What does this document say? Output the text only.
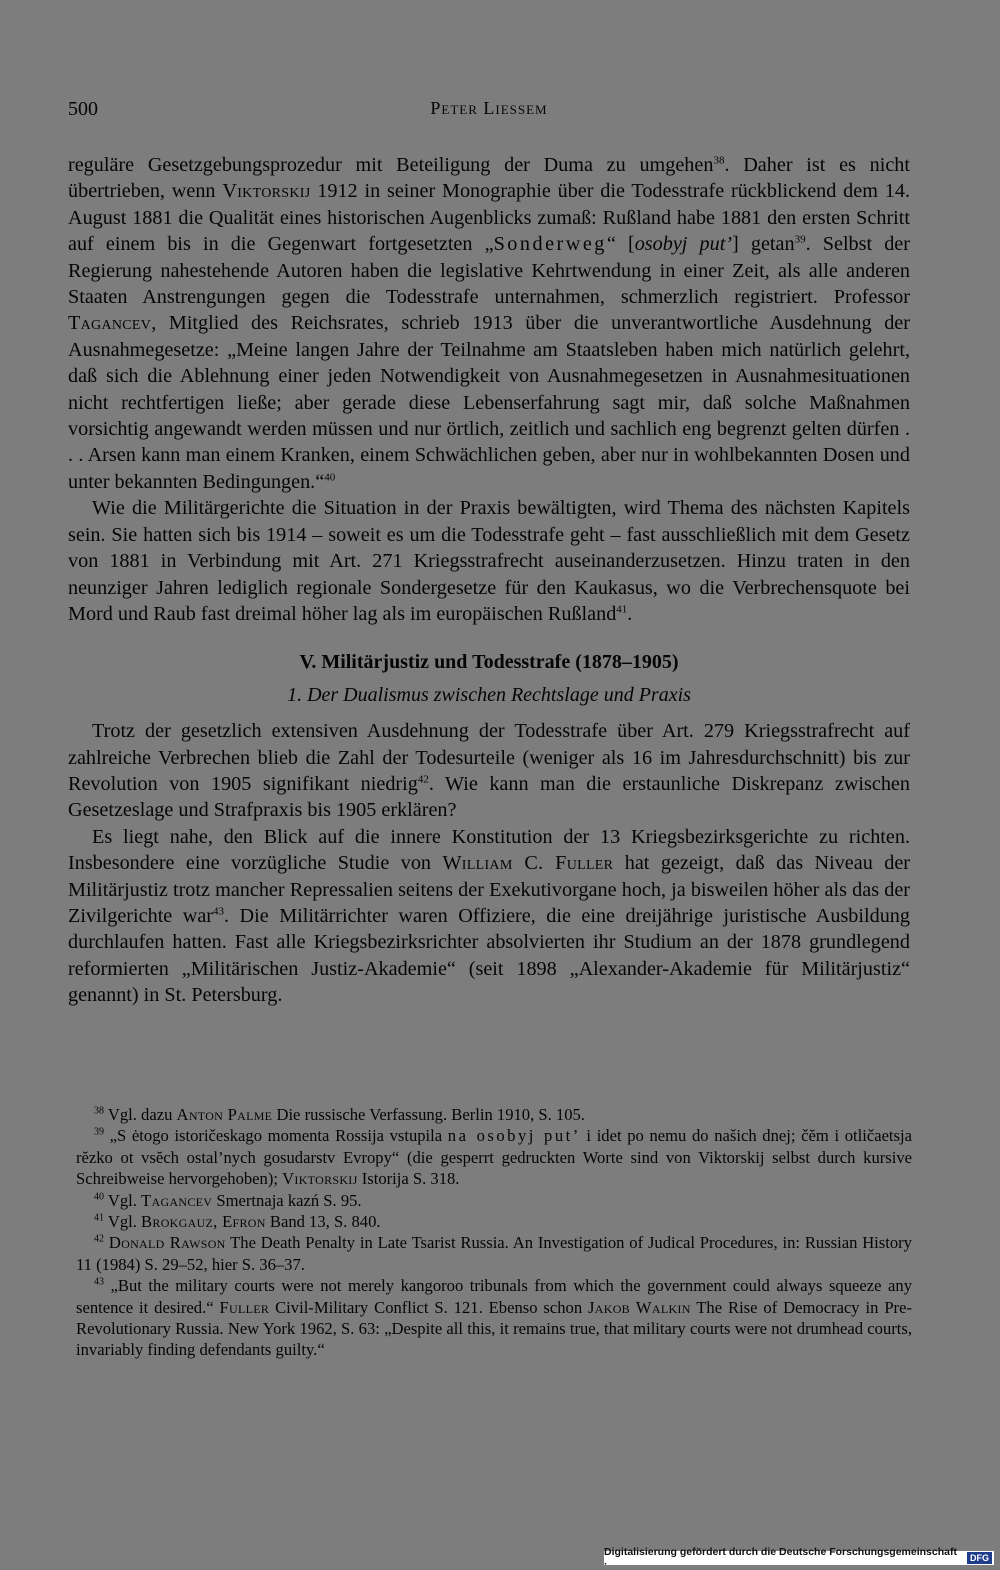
500	Peter Liessem

reguläre Gesetzgebungsprozedur mit Beteiligung der Duma zu umgehen$^{38}$. Daher ist es nicht übertrieben, wenn Viktorskij 1912 in seiner Monographie über die Todesstrafe rückblickend dem 14. August 1881 die Qualität eines historischen Augenblicks zumaß: Rußland habe 1881 den ersten Schritt auf einem bis in die Gegenwart fortgesetzten „Sonderweg“ [osobyj put’] getan$^{39}$. Selbst der Regierung nahestehende Autoren haben die legislative Kehrtwendung in einer Zeit, als alle anderen Staaten Anstrengungen gegen die Todesstrafe unternahmen, schmerzlich registriert. Professor Tagancev, Mitglied des Reichsrates, schrieb 1913 über die unverantwortliche Ausdehnung der Ausnahmegesetze: „Meine langen Jahre der Teilnahme am Staatsleben haben mich natürlich gelehrt, daß sich die Ablehnung einer jeden Notwendigkeit von Ausnahmegesetzen in Ausnahmesituationen nicht rechtfertigen ließe; aber gerade diese Lebenserfahrung sagt mir, daß solche Maßnahmen vorsichtig angewandt werden müssen und nur örtlich, zeitlich und sachlich eng begrenzt gelten dürfen . . . Arsen kann man einem Kranken, einem Schwächlichen geben, aber nur in wohlbekannten Dosen und unter bekannten Bedingungen.“$^{40}$

Wie die Militärgerichte die Situation in der Praxis bewältigten, wird Thema des nächsten Kapitels sein. Sie hatten sich bis 1914 – soweit es um die Todesstrafe geht – fast ausschließlich mit dem Gesetz von 1881 in Verbindung mit Art. 271 Kriegsstrafrecht auseinanderzusetzen. Hinzu traten in den neunziger Jahren lediglich regionale Sondergesetze für den Kaukasus, wo die Verbrechensquote bei Mord und Raub fast dreimal höher lag als im europäischen Rußland$^{41}$.

V. Militärjustiz und Todesstrafe (1878–1905)

1. Der Dualismus zwischen Rechtslage und Praxis

Trotz der gesetzlich extensiven Ausdehnung der Todesstrafe über Art. 279 Kriegsstrafrecht auf zahlreiche Verbrechen blieb die Zahl der Todesurteile (weniger als 16 im Jahresdurchschnitt) bis zur Revolution von 1905 signifikant niedrig$^{42}$. Wie kann man die erstaunliche Diskrepanz zwischen Gesetzeslage und Strafpraxis bis 1905 erklären?

Es liegt nahe, den Blick auf die innere Konstitution der 13 Kriegsbezirksgerichte zu richten. Insbesondere eine vorzügliche Studie von William C. Fuller hat gezeigt, daß das Niveau der Militärjustiz trotz mancher Repressalien seitens der Exekutivorgane hoch, ja bisweilen höher als das der Zivilgerichte war$^{43}$. Die Militärrichter waren Offiziere, die eine dreijährige juristische Ausbildung durchlaufen hatten. Fast alle Kriegsbezirksrichter absolvierten ihr Studium an der 1878 grundlegend reformierten „Militärischen Justiz-Akademie“ (seit 1898 „Alexander-Akademie für Militärjustiz“ genannt) in St. Petersburg.

$^{38}$ Vgl. dazu Anton Palme Die russische Verfassung. Berlin 1910, S. 105.

$^{39}$ „S ėtogo istoričeskago momenta Rossija vstupila na osobyj put’ i idet po nemu do našich dnej; čĕm i otličaetsja rĕzko ot vsĕch ostal’nych gosudarstv Evropy“ (die gesperrt gedruckten Worte sind von Viktorskij selbst durch kursive Schreibweise hervorgehoben); Viktorskij Istorija S. 318.

$^{40}$ Vgl. Tagancev Smertnaja kazń S. 95.

$^{41}$ Vgl. Brokgauz, Efron Band 13, S. 840.

$^{42}$ Donald Rawson The Death Penalty in Late Tsarist Russia. An Investigation of Judical Procedures, in: Russian History 11 (1984) S. 29–52, hier S. 36–37.

$^{43}$ „But the military courts were not merely kangoroo tribunals from which the government could always squeeze any sentence it desired.“ Fuller Civil-Military Conflict S. 121. Ebenso schon Jakob Walkin The Rise of Democracy in Pre-Revolutionary Russia. New York 1962, S. 63: „Despite all this, it remains true, that military courts were not drumhead courts, invariably finding defendants guilty.“

Digitalisierung gefördert durch die Deutsche Forschungsgemeinschaft ·	DFG
